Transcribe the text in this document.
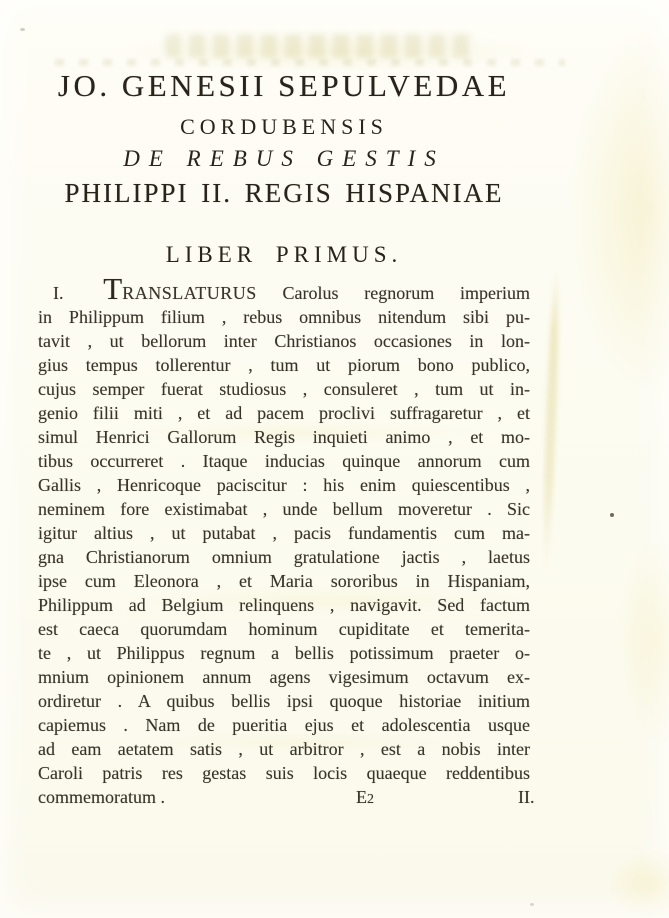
JO. GENESII SEPULVEDAE
CORDUBENSIS
DE REBUS GESTIS
PHILIPPI II. REGIS HISPANIAE
LIBER PRIMUS.
I. TRANSLATURUS Carolus regnorum imperium
in Philippum filium , rebus omnibus nitendum sibi pu-
tavit , ut bellorum inter Christianos occasiones in lon-
gius tempus tollerentur , tum ut piorum bono publico,
cujus semper fuerat studiosus , consuleret , tum ut in-
genio filii miti , et ad pacem proclivi suffragaretur , et
simul Henrici Gallorum Regis inquieti animo , et mo-
tibus occurreret . Itaque inducias quinque annorum cum
Gallis , Henricoque paciscitur : his enim quiescentibus ,
neminem fore existimabat , unde bellum moveretur . Sic
igitur altius , ut putabat , pacis fundamentis cum ma-
gna Christianorum omnium gratulatione jactis , laetus
ipse cum Eleonora , et Maria sororibus in Hispaniam,
Philippum ad Belgium relinquens , navigavit. Sed factum
est caeca quorumdam hominum cupiditate et temerita-
te , ut Philippus regnum a bellis potissimum praeter o-
mnium opinionem annum agens vigesimum octavum ex-
ordiretur . A quibus bellis ipsi quoque historiae initium
capiemus . Nam de pueritia ejus et adolescentia usque
ad eam aetatem satis , ut arbitror , est a nobis inter
Caroli patris res gestas suis locis quaeque reddentibus
commemoratum .	E2	II.
